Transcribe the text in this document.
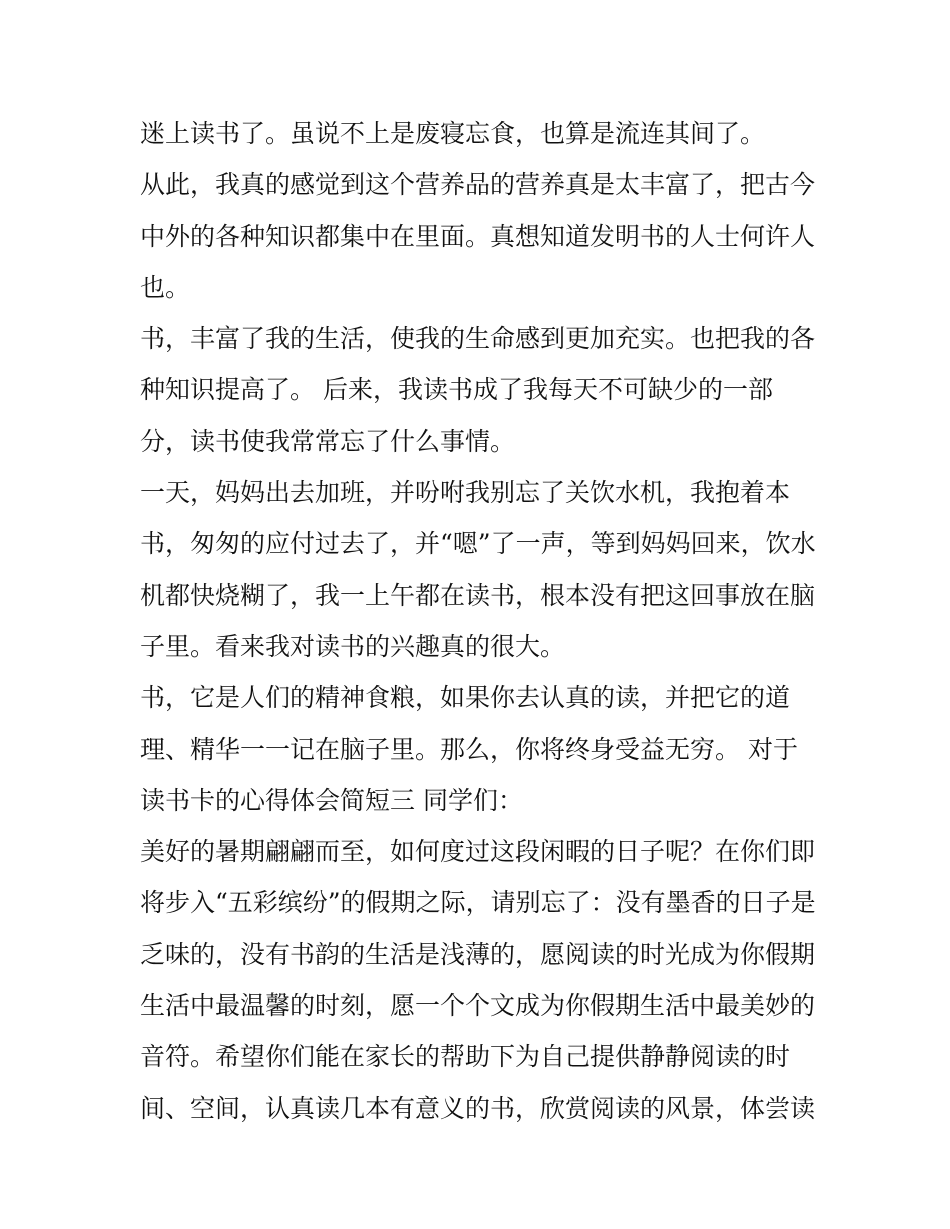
迷上读书了。虽说不上是废寝忘食，也算是流连其间了。
从此，我真的感觉到这个营养品的营养真是太丰富了，把古今
中外的各种知识都集中在里面。真想知道发明书的人士何许人
也。
书，丰富了我的生活，使我的生命感到更加充实。也把我的各
种知识提高了。 后来，我读书成了我每天不可缺少的一部
分，读书使我常常忘了什么事情。
一天，妈妈出去加班，并吩咐我别忘了关饮水机，我抱着本
书，匆匆的应付过去了，并“嗯”了一声，等到妈妈回来，饮水
机都快烧糊了，我一上午都在读书，根本没有把这回事放在脑
子里。看来我对读书的兴趣真的很大。
书，它是人们的精神食粮，如果你去认真的读，并把它的道
理、精华一一记在脑子里。那么，你将终身受益无穷。 对于
读书卡的心得体会简短三 同学们：
美好的暑期翩翩而至，如何度过这段闲暇的日子呢？在你们即
将步入“五彩缤纷”的假期之际，请别忘了：没有墨香的日子是
乏味的，没有书韵的生活是浅薄的，愿阅读的时光成为你假期
生活中最温馨的时刻，愿一个个文成为你假期生活中最美妙的
音符。希望你们能在家长的帮助下为自己提供静静阅读的时
间、空间，认真读几本有意义的书，欣赏阅读的风景，体尝读
